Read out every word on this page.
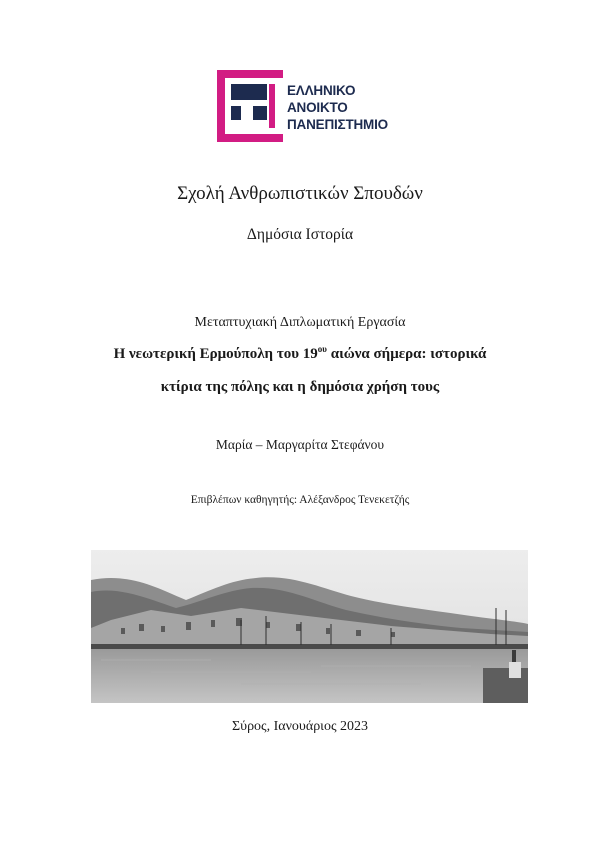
ΕΛΛΗΝΙΚΟ
ΑΝΟΙΚΤΟ
ΠΑΝΕΠΙΣΤΗΜΙΟ
Σχολή Ανθρωπιστικών Σπουδών
Δημόσια Ιστορία
Μεταπτυχιακή Διπλωματική Εργασία
Η νεωτερική Ερμούπολη του $19^{o\upsilon}$ αιώνα σήμερα: ιστορικά
κτίρια της πόλης και η δημόσια χρήση τους
Μαρία – Μαργαρίτα Στεφάνου
Επιβλέπων καθηγητής: Αλέξανδρος Τενεκετζής
Σύρος, Ιανουάριος 2023
